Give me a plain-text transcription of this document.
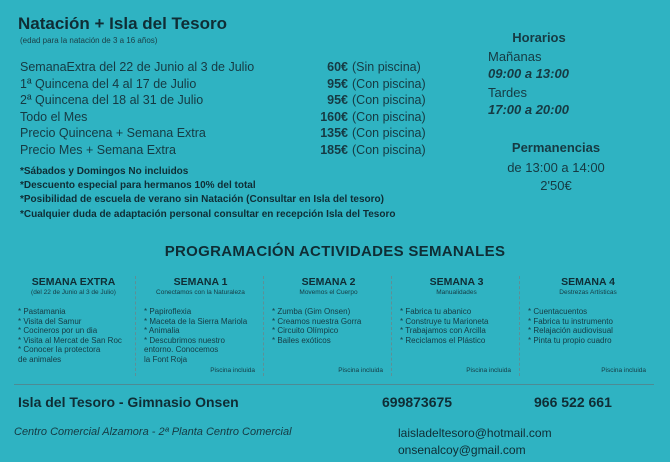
Natación + Isla del Tesoro
(edad para la natación de 3 a 16 años)
SemanaExtra del 22 de Junio al 3 de Julio	60€ (Sin piscina)
1ª Quincena del 4 al 17 de Julio	95€ (Con piscina)
2ª Quincena del 18 al 31 de Julio	95€ (Con piscina)
Todo el Mes	160€ (Con piscina)
Precio Quincena + Semana Extra	135€ (Con piscina)
Precio Mes + Semana Extra	185€ (Con piscina)
*Sábados y Domingos No incluidos
*Descuento especial para hermanos 10% del total
*Posibilidad de escuela de verano sin Natación (Consultar en Isla del tesoro)
*Cualquier duda de adaptación personal consultar en recepción Isla del Tesoro
Horarios
Mañanas
09:00 a 13:00
Tardes
17:00 a 20:00
Permanencias
de 13:00 a 14:00
2'50€
PROGRAMACIÓN ACTIVIDADES SEMANALES
SEMANA EXTRA
(del 22 de Junio al 3 de Julio)
* Pastamania
* Visita del Samur
* Cocineros por un dia
* Visita al Mercat de San Roc
* Conocer la protectora
de animales
SEMANA 1
Conectamos con la Naturaleza
* Papiroflexia
* Maceta de la Sierra Mariola
* Animalia
* Descubrimos nuestro
entorno. Conocemos
la Font Roja
Piscina incluida
SEMANA 2
Movemos el Cuerpo
* Zumba (Gim Onsen)
* Creamos nuestra Gorra
* Circuito Olímpico
* Bailes exóticos
Piscina incluida
SEMANA 3
Manualidades
* Fabrica tu abanico
* Construye tu Marioneta
* Trabajamos con Arcilla
* Reciclamos el Plástico
Piscina incluida
SEMANA 4
Destrezas Artísticas
* Cuentacuentos
* Fabrica tu instrumento
* Relajación audiovisual
* Pinta tu propio cuadro
Piscina incluida
Isla del Tesoro - Gimnasio Onsen	699873675	966 522 661
Centro Comercial Alzamora - 2ª Planta Centro Comercial	laisladeltesoro@hotmail.com
onsenalcoy@gmail.com
